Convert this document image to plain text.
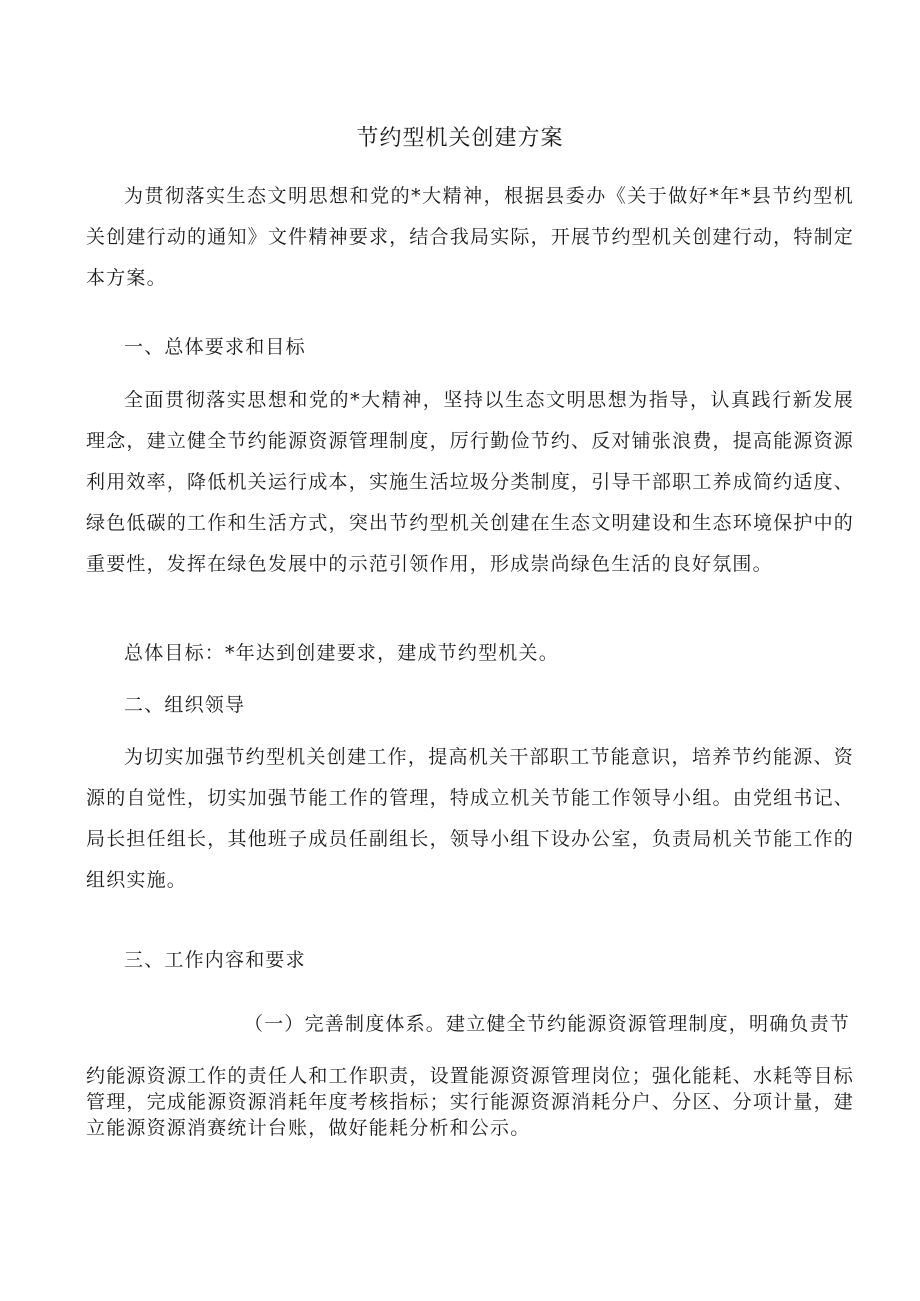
节约型机关创建方案

为贯彻落实生态文明思想和党的*大精神，根据县委办《关于做好*年*县节约型机关创建行动的通知》文件精神要求，结合我局实际，开展节约型机关创建行动，特制定本方案。

一、总体要求和目标

全面贯彻落实思想和党的*大精神，坚持以生态文明思想为指导，认真践行新发展理念，建立健全节约能源资源管理制度，厉行勤俭节约、反对铺张浪费，提高能源资源利用效率，降低机关运行成本，实施生活垃圾分类制度，引导干部职工养成简约适度、绿色低碳的工作和生活方式，突出节约型机关创建在生态文明建设和生态环境保护中的重要性，发挥在绿色发展中的示范引领作用，形成崇尚绿色生活的良好氛围。

总体目标：*年达到创建要求，建成节约型机关。

二、组织领导

为切实加强节约型机关创建工作，提高机关干部职工节能意识，培养节约能源、资源的自觉性，切实加强节能工作的管理，特成立机关节能工作领导小组。由党组书记、局长担任组长，其他班子成员任副组长，领导小组下设办公室，负责局机关节能工作的组织实施。

三、工作内容和要求

（一）完善制度体系。建立健全节约能源资源管理制度，明确负责节

约能源资源工作的责任人和工作职责，设置能源资源管理岗位；强化能耗、水耗等目标管理，完成能源资源消耗年度考核指标；实行能源资源消耗分户、分区、分项计量，建立能源资源消赛统计台账，做好能耗分析和公示。
